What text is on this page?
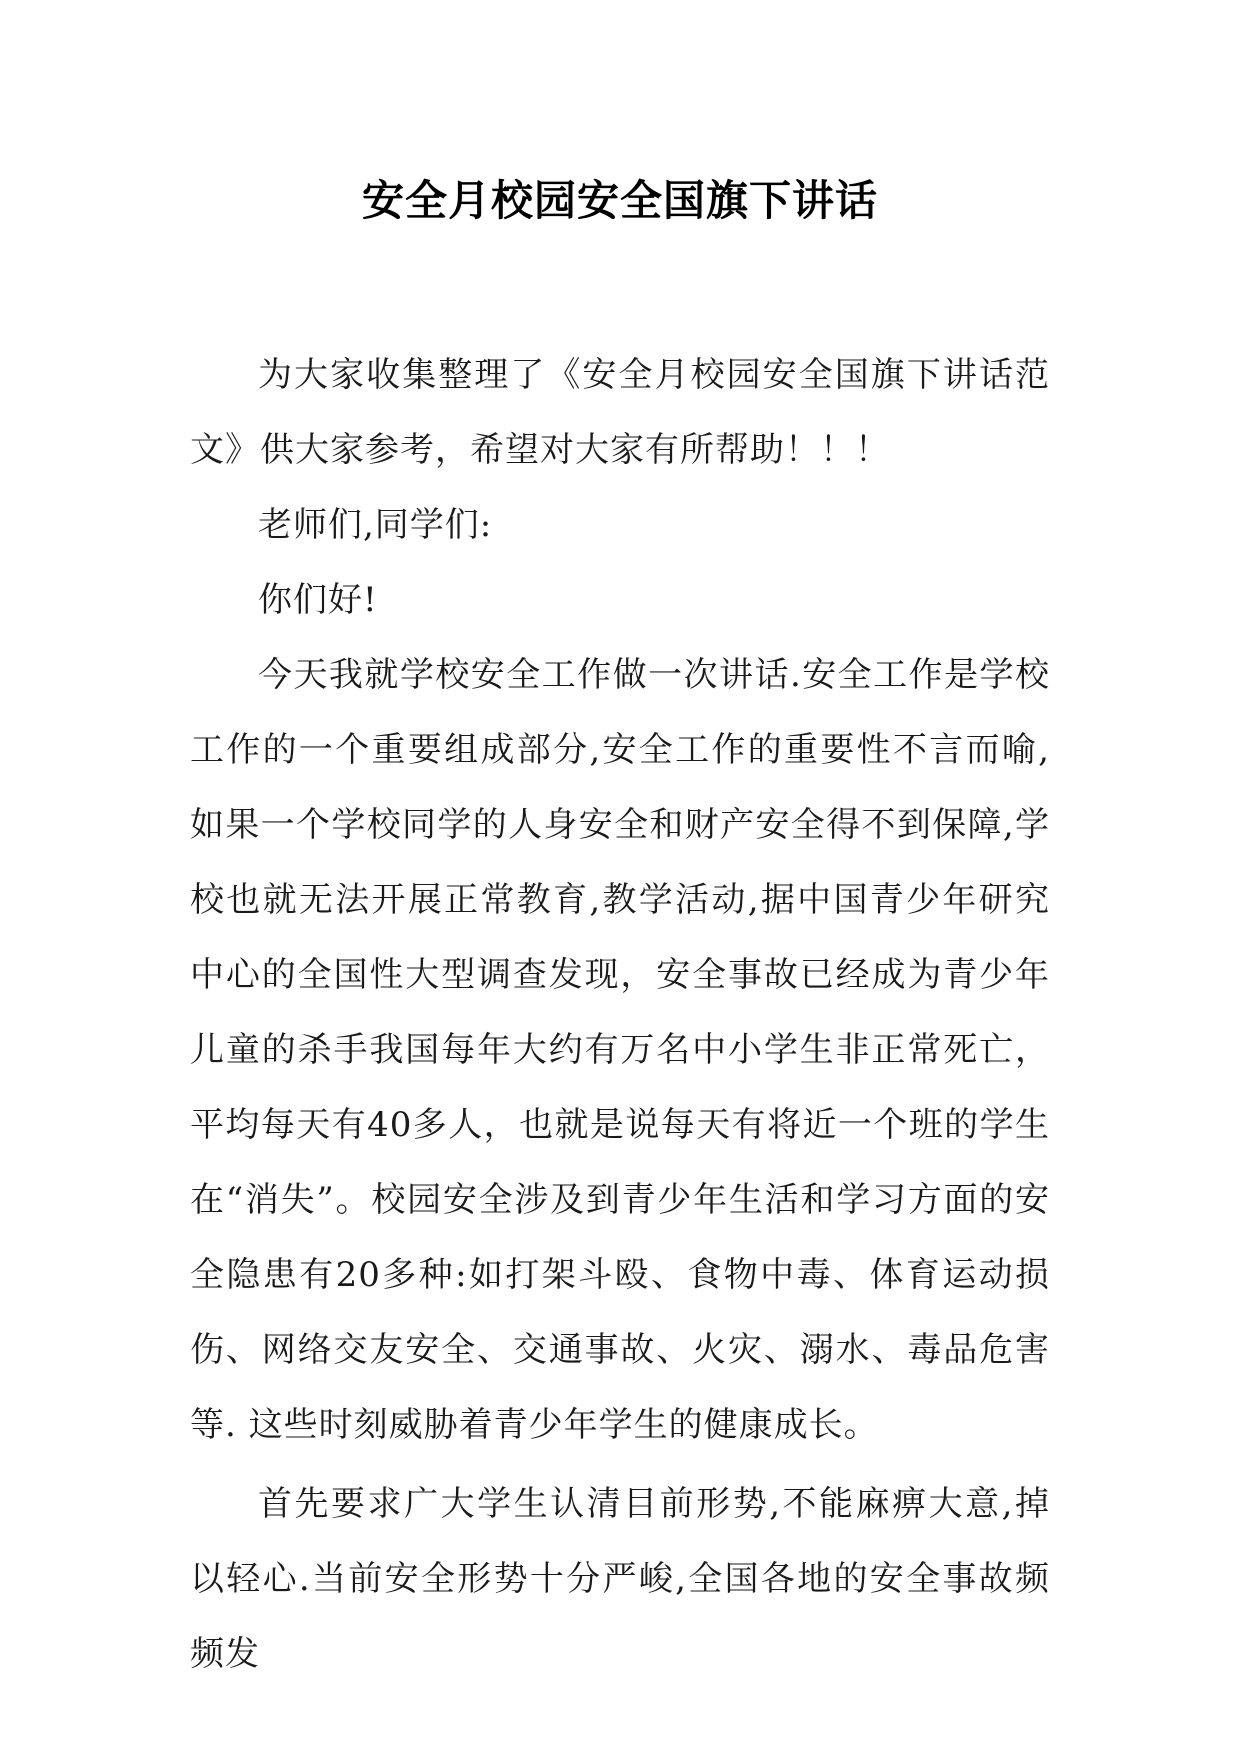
安全月校园安全国旗下讲话

为大家收集整理了《安全月校园安全国旗下讲话范文》供大家参考，希望对大家有所帮助！！！

老师们,同学们:

你们好!

今天我就学校安全工作做一次讲话.安全工作是学校工作的一个重要组成部分,安全工作的重要性不言而喻,如果一个学校同学的人身安全和财产安全得不到保障,学校也就无法开展正常教育,教学活动,据中国青少年研究中心的全国性大型调查发现，安全事故已经成为青少年儿童的杀手我国每年大约有万名中小学生非正常死亡，平均每天有40多人，也就是说每天有将近一个班的学生在“消失”。校园安全涉及到青少年生活和学习方面的安全隐患有20多种:如打架斗殴、食物中毒、体育运动损伤、网络交友安全、交通事故、火灾、溺水、毒品危害等. 这些时刻威胁着青少年学生的健康成长。

首先要求广大学生认清目前形势,不能麻痹大意,掉以轻心.当前安全形势十分严峻,全国各地的安全事故频频发
